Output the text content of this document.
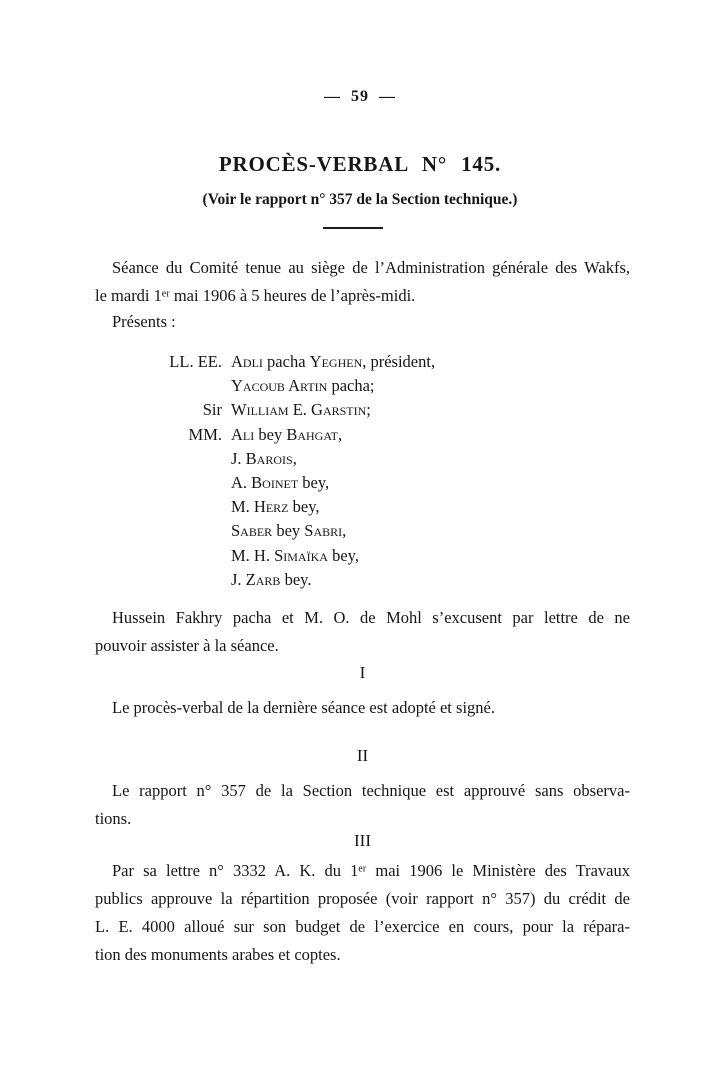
— 59 —
PROCÈS-VERBAL N° 145.
(Voir le rapport n° 357 de la Section technique.)
Séance du Comité tenue au siège de l’Administration générale des Wakfs,
le mardi 1ᵉʳ mai 1906 à 5 heures de l’après-midi.
Présents :
LL. EE. Adli pacha Yeghen, président,
Yacoub Artin pacha;
Sir William E. Garstin;
MM. Ali bey Bahgat,
J. Barois,
A. Boinet bey,
M. Herz bey,
Saber bey Sabri,
M. H. Simaïka bey,
J. Zarb bey.
Hussein Fakhry pacha et M. O. de Mohl s’excusent par lettre de ne
pouvoir assister à la séance.
I
Le procès-verbal de la dernière séance est adopté et signé.
II
Le rapport n° 357 de la Section technique est approuvé sans observa-
tions.
III
Par sa lettre n° 3332 A. K. du 1ᵉʳ mai 1906 le Ministère des Travaux
publics approuve la répartition proposée (voir rapport n° 357) du crédit de
L. E. 4000 alloué sur son budget de l’exercice en cours, pour la répara-
tion des monuments arabes et coptes.
